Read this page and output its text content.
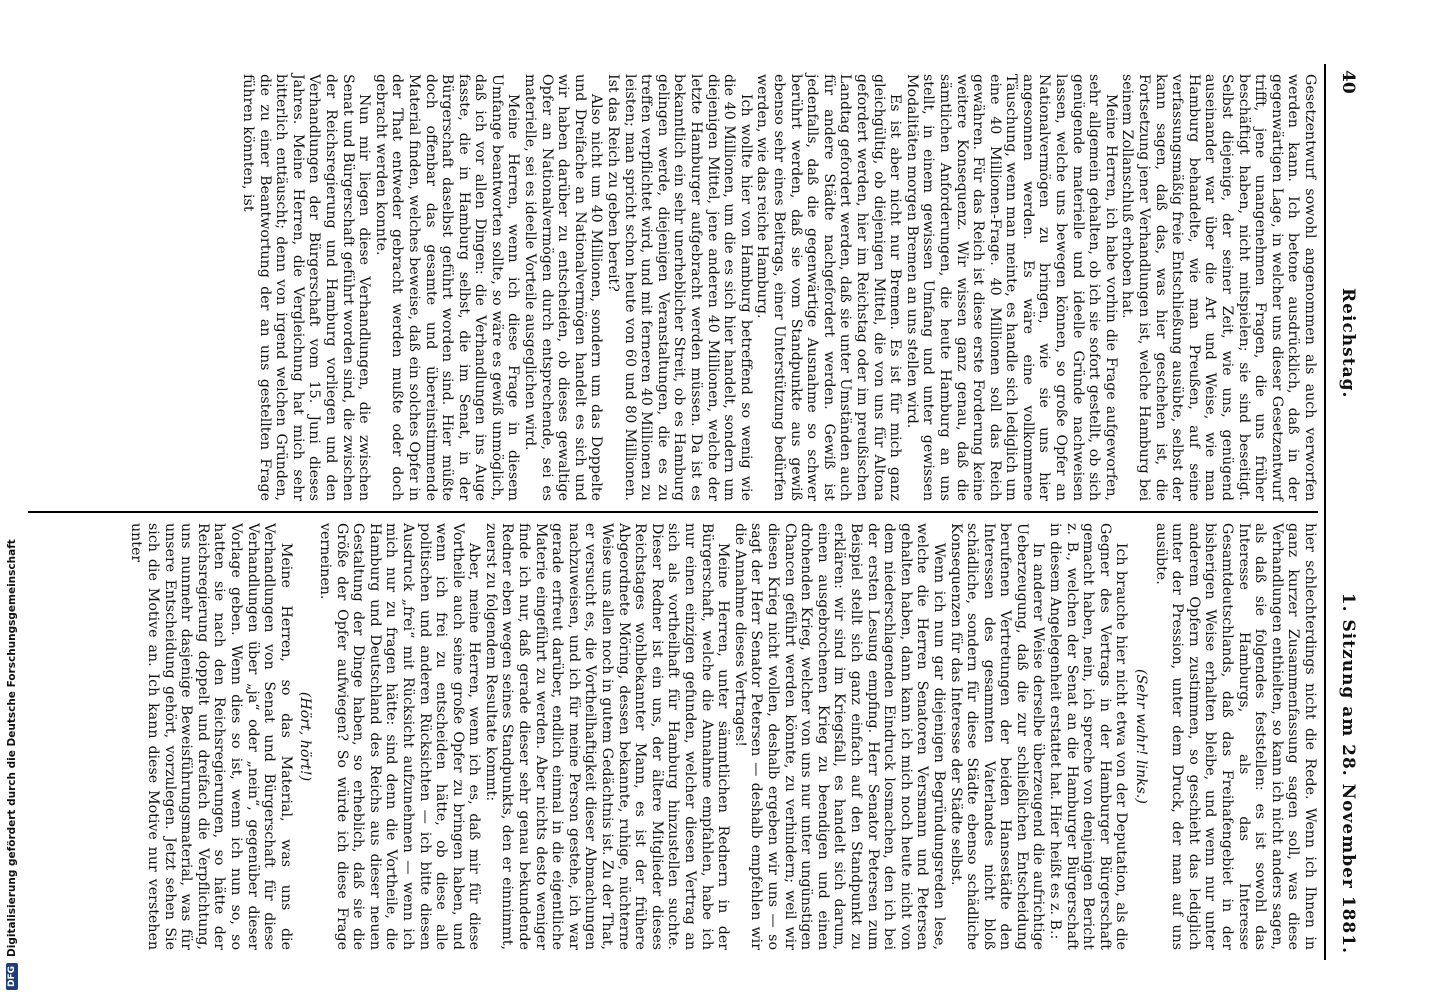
40
Reichstag.
1. Sitzung am 28. November 1881.

Gesetzentwurf sowohl angenommen als auch verworfen werden kann. Ich betone ausdrücklich, daß in der gegenwärtigen Lage, in welcher uns dieser Gesetzentwurf trifft, jene unangenehmen Fragen, die uns früher beschäftigt haben, nicht mitspielen; sie sind beseitigt. Selbst diejenige, der seiner Zeit, wie uns, genügend auseinander war über die Art und Weise, wie man Hamburg behandelte, wie man Preußen, auf seine verfassungsmäßig freie Entschließung ausübte, selbst der kann sagen, daß das, was hier geschehen ist, die Fortsetzung jener Verhandlungen ist, welche Hamburg bei seinem Zollanschluß erhoben hat.

Meine Herren, ich habe vorhin die Frage aufgeworfen, sehr allgemein gehalten, ob ich sie sofort gestellt, ob sich genügende materielle und ideelle Gründe nachweisen lassen, welche uns bewegen können, so große Opfer an Nationalvermögen zu bringen, wie sie uns hier angesonnen werden. Es wäre eine vollkommene Täuschung, wenn man meinte, es handle sich lediglich um eine 40 Millionen-Frage. 40 Millionen soll das Reich gewähren. Für das Reich ist diese erste Forderung keine weitere Konsequenz. Wir wissen ganz genau, daß die sämtlichen Anforderungen, die heute Hamburg an uns stellt, in einem gewissen Umfang und unter gewissen Modalitäten morgen Bremen an uns stellen wird.

Es ist aber nicht nur Bremen. Es ist für mich ganz gleichgültig, ob diejenigen Mittel, die von uns für Altona gefordert werden, hier im Reichstag oder im preußischen Landtag gefordert werden, daß sie unter Umständen auch für andere Städte nachgefordert werden. Gewiß ist jedenfalls, daß die gegenwärtige Ausnahme so schwer berührt werden, daß sie vom Standpunkte aus gewiß ebenso sehr eines Beitrags, einer Unterstützung bedürfen werden, wie das reiche Hamburg.

Ich wollte hier von Hamburg betreffend so wenig wie die 40 Millionen, um die es sich hier handelt, sondern um diejenigen Mittel, jene anderen 40 Millionen, welche der letzte Hamburger aufgebracht werden müssen. Da ist es bekanntlich ein sehr unerheblicher Streit, ob es Hamburg gelingen werde, diejenigen Veranstaltungen, die es zu treffen verpflichtet wird, und mit ferneren 40 Millionen zu leisten; man spricht schon heute von 60 und 80 Millionen. Ist das Reich zu geben bereit?

Also nicht um 40 Millionen, sondern um das Doppelte und Dreifache an Nationalvermögen handelt es sich und wir haben darüber zu entscheiden, ob dieses gewaltige Opfer an Nationalvermögen durch entsprechende, sei es materielle, sei es ideelle Vorteile ausgeglichen wird.

Meine Herren, wenn ich diese Frage in diesem Umfange beantworten sollte, so wäre es gewiß unmöglich, daß ich vor allen Dingen: die Verhandlungen ins Auge fasste, die in Hamburg selbst, die im Senat, in der Bürgerschaft daselbst geführt worden sind. Hier müßte doch offenbar das gesamte und übereinstimmende Material finden, welches beweise, daß ein solches Opfer in der That entweder gebracht werden mußte oder doch gebracht werden konnte.

Nun mir liegen diese Verhandlungen, die zwischen Senat und Bürgerschaft geführt worden sind, die zwischen der Reichsregierung und Hamburg vorliegen und den Verhandlungen der Bürgerschaft vom 15. Juni dieses Jahres. Meine Herren, die Vergleichung hat mich sehr bitterlich enttäuscht; denn von irgend welchen Gründen, die zu einer Beantwortung der an uns gestellten Frage führen könnten, ist

hier schlechterdings nicht die Rede. Wenn ich Ihnen in ganz kurzer Zusammenfassung sagen soll, was diese Verhandlungen enthielten, so kann ich nicht anders sagen, als daß sie folgendes feststellen: es ist sowohl das Interesse Hamburgs, als das Interesse Gesamtdeutschlands, daß das Freihafengebiet in der bisherigen Weise erhalten bleibe, und wenn nur unter anderem Opfern zustimmen, so geschieht das lediglich unter der Pression, unter dem Druck, der man auf uns ausübte.

(Sehr wahr! links.)

Ich brauche hier nicht etwa von der Deputation, als die Gegner des Vertrags in der Hamburger Bürgerschaft gemacht haben, nein, ich spreche von denjenigen Bericht z. B., welchen der Senat an die Hamburger Bürgerschaft in diesem Angelegenheit erstattet hat. Hier heißt es z. B.:

In anderer Weise derselbe überzeugend die aufrichtige Ueberzeugung, daß die zur schließlichen Entscheidung berufenen Vertretungen der beiden Hansestädte den Interessen des gesammten Vaterlandes nicht bloß schädliche, sondern für diese Städte ebenso schädliche Konsequenzen für das Interesse der Städte selbst.

Wenn ich nun gar diejenigen Begründungsreden lese, welche die Herren Senatoren Versmann und Petersen gehalten haben, dann kann ich mich noch heute nicht von dem niederschlagenden Eindruck losmachen, den ich bei der ersten Lesung empfing. Herr Senator Petersen zum Beispiel stellt sich ganz einfach auf den Standpunkt zu erklären: wir sind im Kriegsfall, es handelt sich darum, einen ausgebrochenen Krieg zu beendigen und einen drohenden Krieg, welcher von uns nur unter ungünstigen Chancen geführt werden könnte, zu verhindern; weil wir diesen Krieg nicht wollen, deshalb ergeben wir uns — so sagt der Herr Senator Petersen — deshalb empfehlen wir die Annahme dieses Vertrages!

Meine Herren, unter sämmtlichen Rednern in der Bürgerschaft, welche die Annahme empfahlen, habe ich nur einen einzigen gefunden, welcher diesen Vertrag an sich als vortheilhaft für Hamburg hinzustellen suchte. Dieser Redner ist ein uns, der ältere Mitglieder dieses Reichstages wohlbekannter Mann, es ist der frühere Abgeordnete Möring, dessen bekannte, ruhige, nüchterne Weise uns allen noch in gutem Gedächtnis ist. Zu der That, er versucht es, die Vortheilhaftigkeit dieser Abmachungen nachzuweisen, und ich für meine Person gestehe, ich war gerade erfreut darüber, endlich einmal in die eigentliche Materie eingeführt zu werden. Aber nichts desto weniger finde ich nur, daß gerade dieser sehr genau bekundende Redner eben wegen seines Standpunkts, den er einnimmt, zuerst zu folgendem Resultate kommt:

Aber, meine Herren, wenn ich es, daß mir für diese Vortheile auch seine große Opfer zu bringen haben, und wenn ich frei zu entscheiden hätte, ob diese alle politischen und anderen Rücksichten — ich bitte diesen Ausdruck „frei“ mit Rücksicht aufzunehmen — wenn ich mich nur zu fragen hätte: sind denn die Vortheile, die Hamburg und Deutschland des Reichs aus dieser neuen Gestaltung der Dinge haben, so erheblich, daß sie die Größe der Opfer aufwiegen? So würde ich diese Frage verneinen.

(Hört, hört!)

Meine Herren, so das Material, was uns die Verhandlungen von Senat und Bürgerschaft für diese Verhandlungen über „ja“ oder „nein“, gegenüber dieser Vorlage geben. Wenn dies so ist, wenn ich nun so, so hatten sie nach den Reichsregierungen, so hätte der Reichsregierung doppelt und dreifach die Verpflichtung, uns nunmehr dasjenige Beweisführungsmaterial, was für unsere Entscheidung gehört, vorzulegen. Jetzt sehen Sie sich die Motive an. Ich kann diese Motive nur verstehen unter

DFG
Digitalisierung gefördert durch die Deutsche Forschungsgemeinschaft
